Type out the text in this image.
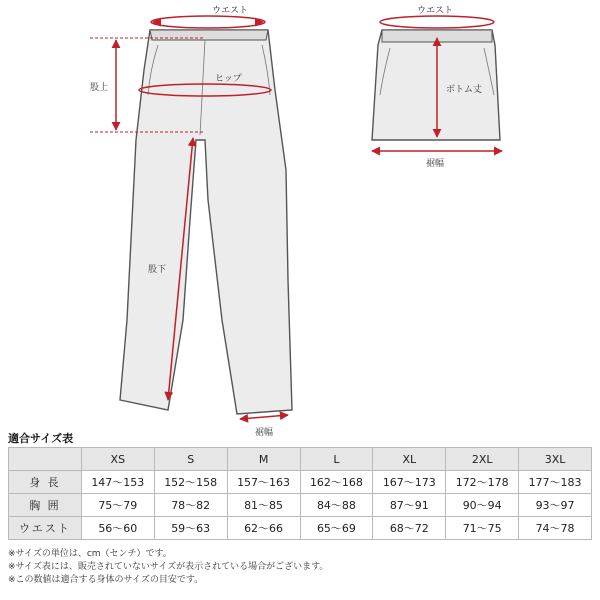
ウエスト
ヒップ
股上
股下
ウエスト
ボトム丈
裾幅
裾幅
適合サイズ表
	XS	S	M	L	XL	2XL	3XL
身 長	147〜153	152〜158	157〜163	162〜168	167〜173	172〜178	177〜183
胸 囲	75〜79	78〜82	81〜85	84〜88	87〜91	90〜94	93〜97
ウエスト	56〜60	59〜63	62〜66	65〜69	68〜72	71〜75	74〜78
※サイズの単位は、cm（センチ）です。
※サイズ表には、販売されていないサイズが表示されている場合がございます。
※この数値は適合する身体のサイズの目安です。
